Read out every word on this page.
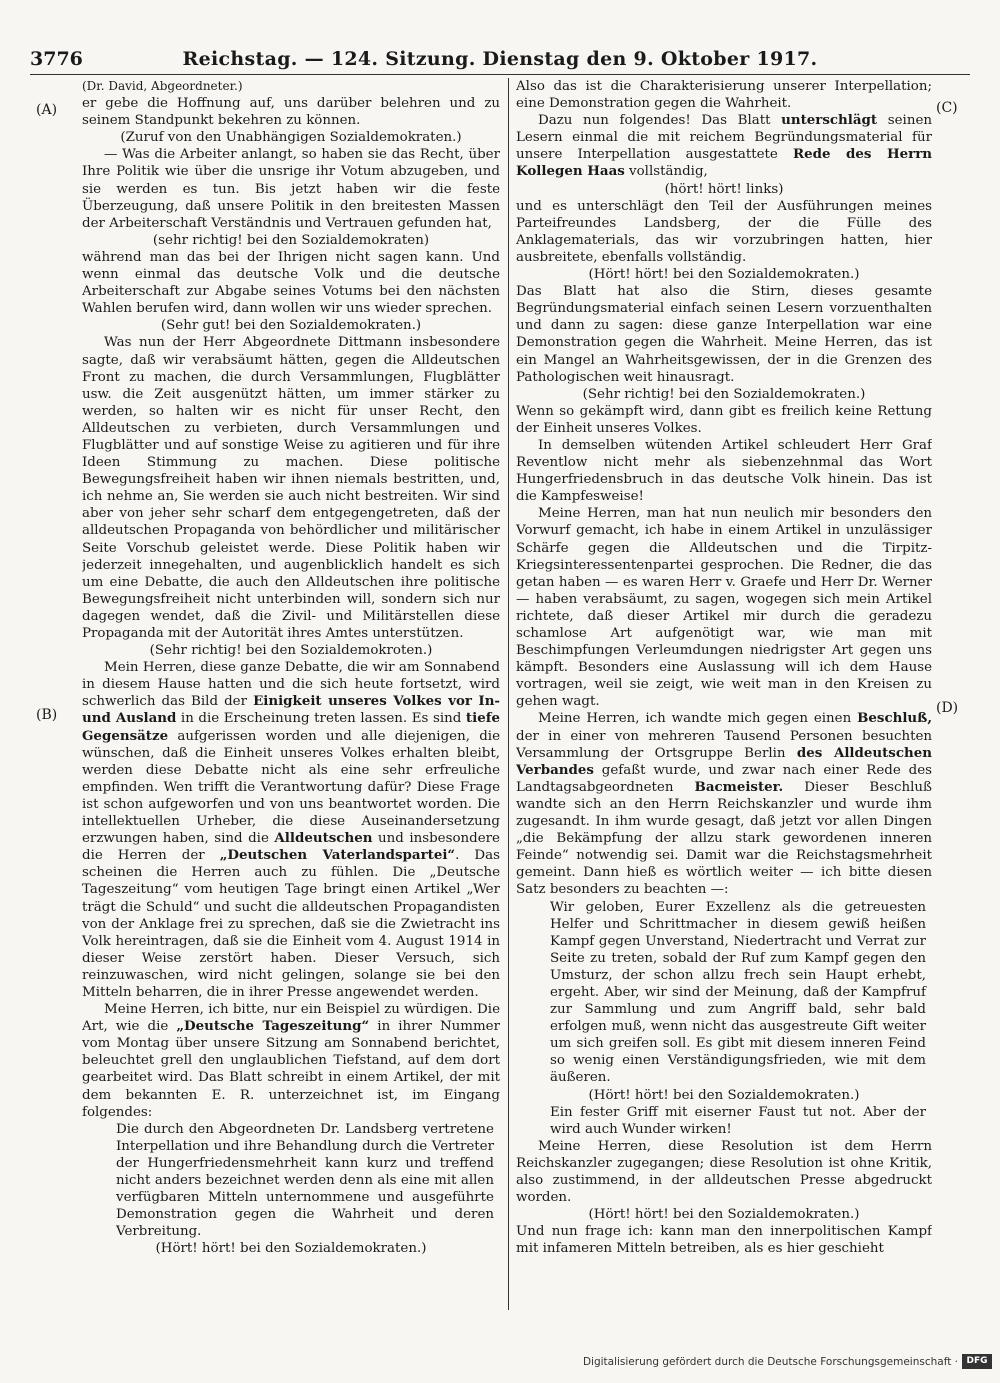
3776	Reichstag. — 124. Sitzung. Dienstag den 9. Oktober 1917.
(A)
(B)
(C)
(D)

(Dr. David, Abgeordneter.)

er gebe die Hoffnung auf, uns darüber belehren und zu seinem Standpunkt bekehren zu können.

(Zuruf von den Unabhängigen Sozialdemokraten.)

— Was die Arbeiter anlangt, so haben sie das Recht, über Ihre Politik wie über die unsrige ihr Votum abzugeben, und sie werden es tun. Bis jetzt haben wir die feste Überzeugung, daß unsere Politik in den breitesten Massen der Arbeiterschaft Verständnis und Vertrauen gefunden hat,

(sehr richtig! bei den Sozialdemokraten)

während man das bei der Ihrigen nicht sagen kann. Und wenn einmal das deutsche Volk und die deutsche Arbeiterschaft zur Abgabe seines Votums bei den nächsten Wahlen berufen wird, dann wollen wir uns wieder sprechen.

(Sehr gut! bei den Sozialdemokraten.)

Was nun der Herr Abgeordnete Dittmann insbesondere sagte, daß wir verabsäumt hätten, gegen die Alldeutschen Front zu machen, die durch Versammlungen, Flugblätter usw. die Zeit ausgenützt hätten, um immer stärker zu werden, so halten wir es nicht für unser Recht, den Alldeutschen zu verbieten, durch Versammlungen und Flugblätter und auf sonstige Weise zu agitieren und für ihre Ideen Stimmung zu machen. Diese politische Bewegungsfreiheit haben wir ihnen niemals bestritten, und, ich nehme an, Sie werden sie auch nicht bestreiten. Wir sind aber von jeher sehr scharf dem entgegengetreten, daß der alldeutschen Propaganda von behördlicher und militärischer Seite Vorschub geleistet werde. Diese Politik haben wir jederzeit innegehalten, und augenblicklich handelt es sich um eine Debatte, die auch den Alldeutschen ihre politische Bewegungsfreiheit nicht unterbinden will, sondern sich nur dagegen wendet, daß die Zivil- und Militärstellen diese Propaganda mit der Autorität ihres Amtes unterstützen.

(Sehr richtig! bei den Sozialdemokroten.)

Mein Herren, diese ganze Debatte, die wir am Sonnabend in diesem Hause hatten und die sich heute fortsetzt, wird schwerlich das Bild der Einigkeit unseres Volkes vor In- und Ausland in die Erscheinung treten lassen. Es sind tiefe Gegensätze aufgerissen worden und alle diejenigen, die wünschen, daß die Einheit unseres Volkes erhalten bleibt, werden diese Debatte nicht als eine sehr erfreuliche empfinden. Wen trifft die Verantwortung dafür? Diese Frage ist schon aufgeworfen und von uns beantwortet worden. Die intellektuellen Urheber, die diese Auseinandersetzung erzwungen haben, sind die Alldeutschen und insbesondere die Herren der „Deutschen Vaterlandspartei“. Das scheinen die Herren auch zu fühlen. Die „Deutsche Tageszeitung“ vom heutigen Tage bringt einen Artikel „Wer trägt die Schuld“ und sucht die alldeutschen Propagandisten von der Anklage frei zu sprechen, daß sie die Zwietracht ins Volk hereintragen, daß sie die Einheit vom 4. August 1914 in dieser Weise zerstört haben. Dieser Versuch, sich reinzuwaschen, wird nicht gelingen, solange sie bei den Mitteln beharren, die in ihrer Presse angewendet werden.

Meine Herren, ich bitte, nur ein Beispiel zu würdigen. Die Art, wie die „Deutsche Tageszeitung“ in ihrer Nummer vom Montag über unsere Sitzung am Sonnabend berichtet, beleuchtet grell den unglaublichen Tiefstand, auf dem dort gearbeitet wird. Das Blatt schreibt in einem Artikel, der mit dem bekannten E. R. unterzeichnet ist, im Eingang folgendes:

Die durch den Abgeordneten Dr. Landsberg vertretene Interpellation und ihre Behandlung durch die Vertreter der Hungerfriedensmehrheit kann kurz und treffend nicht anders bezeichnet werden denn als eine mit allen verfügbaren Mitteln unternommene und ausgeführte Demonstration gegen die Wahrheit und deren Verbreitung.

(Hört! hört! bei den Sozialdemokraten.)

Also das ist die Charakterisierung unserer Interpellation; eine Demonstration gegen die Wahrheit.

Dazu nun folgendes! Das Blatt unterschlägt seinen Lesern einmal die mit reichem Begründungsmaterial für unsere Interpellation ausgestattete Rede des Herrn Kollegen Haas vollständig,

(hört! hört! links)

und es unterschlägt den Teil der Ausführungen meines Parteifreundes Landsberg, der die Fülle des Anklagematerials, das wir vorzubringen hatten, hier ausbreitete, ebenfalls vollständig.

(Hört! hört! bei den Sozialdemokraten.)

Das Blatt hat also die Stirn, dieses gesamte Begründungsmaterial einfach seinen Lesern vorzuenthalten und dann zu sagen: diese ganze Interpellation war eine Demonstration gegen die Wahrheit. Meine Herren, das ist ein Mangel an Wahrheitsgewissen, der in die Grenzen des Pathologischen weit hinausragt.

(Sehr richtig! bei den Sozialdemokraten.)

Wenn so gekämpft wird, dann gibt es freilich keine Rettung der Einheit unseres Volkes.

In demselben wütenden Artikel schleudert Herr Graf Reventlow nicht mehr als siebenzehnmal das Wort Hungerfriedensbruch in das deutsche Volk hinein. Das ist die Kampfesweise!

Meine Herren, man hat nun neulich mir besonders den Vorwurf gemacht, ich habe in einem Artikel in unzulässiger Schärfe gegen die Alldeutschen und die Tirpitz-Kriegsinteressentenpartei gesprochen. Die Redner, die das getan haben — es waren Herr v. Graefe und Herr Dr. Werner — haben verabsäumt, zu sagen, wogegen sich mein Artikel richtete, daß dieser Artikel mir durch die geradezu schamlose Art aufgenötigt war, wie man mit Beschimpfungen Verleumdungen niedrigster Art gegen uns kämpft. Besonders eine Auslassung will ich dem Hause vortragen, weil sie zeigt, wie weit man in den Kreisen zu gehen wagt.

Meine Herren, ich wandte mich gegen einen Beschluß, der in einer von mehreren Tausend Personen besuchten Versammlung der Ortsgruppe Berlin des Alldeutschen Verbandes gefaßt wurde, und zwar nach einer Rede des Landtagsabgeordneten Bacmeister. Dieser Beschluß wandte sich an den Herrn Reichskanzler und wurde ihm zugesandt. In ihm wurde gesagt, daß jetzt vor allen Dingen „die Bekämpfung der allzu stark gewordenen inneren Feinde“ notwendig sei. Damit war die Reichstagsmehrheit gemeint. Dann hieß es wörtlich weiter — ich bitte diesen Satz besonders zu beachten —:

Wir geloben, Eurer Exzellenz als die getreuesten Helfer und Schrittmacher in diesem gewiß heißen Kampf gegen Unverstand, Niedertracht und Verrat zur Seite zu treten, sobald der Ruf zum Kampf gegen den Umsturz, der schon allzu frech sein Haupt erhebt, ergeht. Aber, wir sind der Meinung, daß der Kampfruf zur Sammlung und zum Angriff bald, sehr bald erfolgen muß, wenn nicht das ausgestreute Gift weiter um sich greifen soll. Es gibt mit diesem inneren Feind so wenig einen Verständigungsfrieden, wie mit dem äußeren.

(Hört! hört! bei den Sozialdemokraten.)

Ein fester Griff mit eiserner Faust tut not. Aber der wird auch Wunder wirken!

Meine Herren, diese Resolution ist dem Herrn Reichskanzler zugegangen; diese Resolution ist ohne Kritik, also zustimmend, in der alldeutschen Presse abgedruckt worden.

(Hört! hört! bei den Sozialdemokraten.)

Und nun frage ich: kann man den innerpolitischen Kampf mit infameren Mitteln betreiben, als es hier geschieht

Digitalisierung gefördert durch die Deutsche Forschungsgemeinschaft · DFG
